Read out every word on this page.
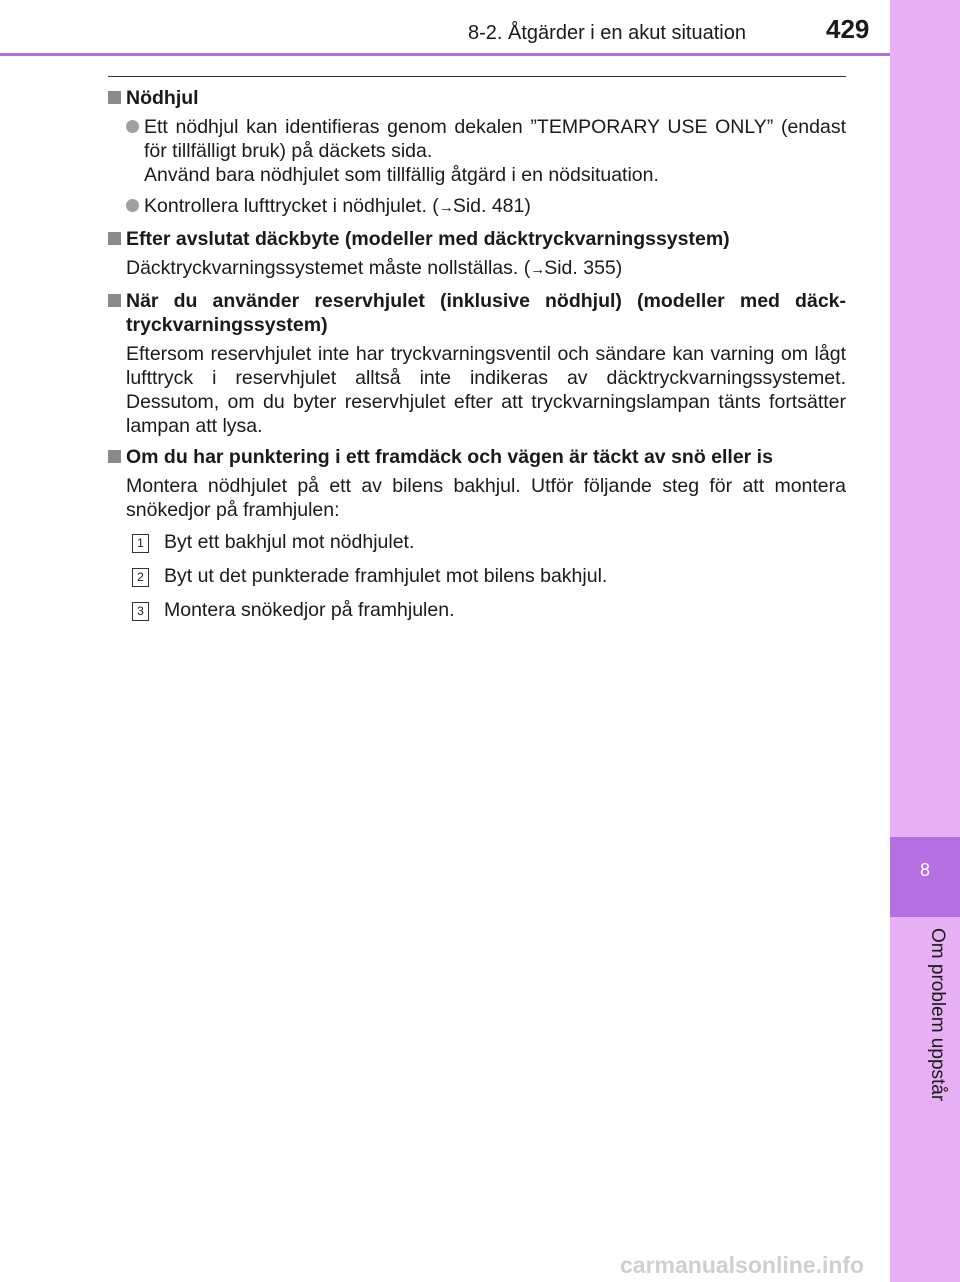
8-2. Åtgärder i en akut situation	429
8
Om problem uppstår
Nödhjul
Ett nödhjul kan identifieras genom dekalen ”TEMPORARY USE ONLY” (endast för tillfälligt bruk) på däckets sida.
Använd bara nödhjulet som tillfällig åtgärd i en nödsituation.
Kontrollera lufttrycket i nödhjulet. (→Sid. 481)
Efter avslutat däckbyte (modeller med däcktryckvarningssystem)
Däcktryckvarningssystemet måste nollställas. (→Sid. 355)
När du använder reservhjulet (inklusive nödhjul) (modeller med däck-tryckvarningssystem)
Eftersom reservhjulet inte har tryckvarningsventil och sändare kan varning om lågt lufttryck i reservhjulet alltså inte indikeras av däcktryckvarningssystemet. Dessutom, om du byter reservhjulet efter att tryckvarningslampan tänts fortsätter lampan att lysa.
Om du har punktering i ett framdäck och vägen är täckt av snö eller is
Montera nödhjulet på ett av bilens bakhjul. Utför följande steg för att montera snökedjor på framhjulen:
1 Byt ett bakhjul mot nödhjulet.
2 Byt ut det punkterade framhjulet mot bilens bakhjul.
3 Montera snökedjor på framhjulen.
carmanualsonline.info
